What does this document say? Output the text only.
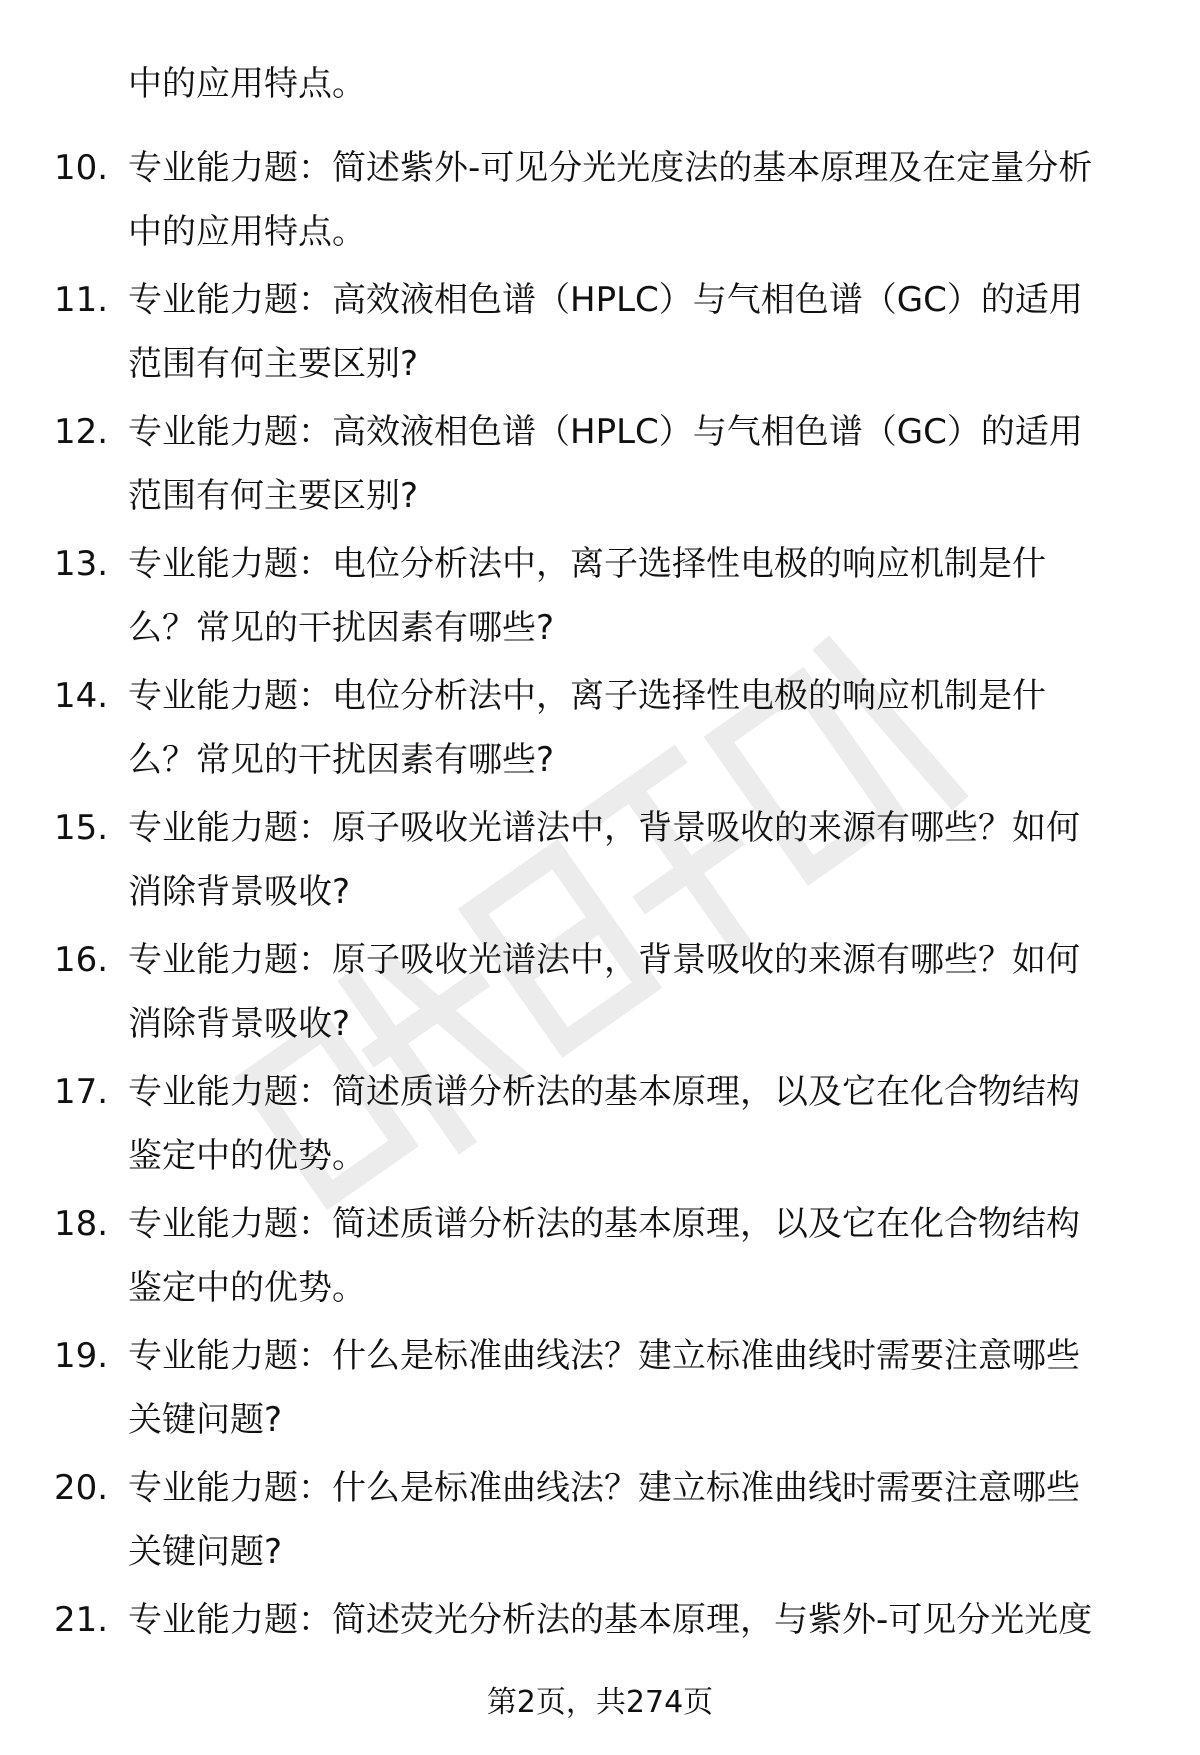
中的应用特点。
10. 专业能力题：简述紫外-可见分光光度法的基本原理及在定量分析
中的应用特点。
11. 专业能力题：高效液相色谱（HPLC）与气相色谱（GC）的适用
范围有何主要区别?
12. 专业能力题：高效液相色谱（HPLC）与气相色谱（GC）的适用
范围有何主要区别?
13. 专业能力题：电位分析法中，离子选择性电极的响应机制是什
么？常见的干扰因素有哪些?
14. 专业能力题：电位分析法中，离子选择性电极的响应机制是什
么？常见的干扰因素有哪些?
15. 专业能力题：原子吸收光谱法中，背景吸收的来源有哪些？如何
消除背景吸收?
16. 专业能力题：原子吸收光谱法中，背景吸收的来源有哪些？如何
消除背景吸收?
17. 专业能力题：简述质谱分析法的基本原理，以及它在化合物结构
鉴定中的优势。
18. 专业能力题：简述质谱分析法的基本原理，以及它在化合物结构
鉴定中的优势。
19. 专业能力题：什么是标准曲线法？建立标准曲线时需要注意哪些
关键问题?
20. 专业能力题：什么是标准曲线法？建立标准曲线时需要注意哪些
关键问题?
21. 专业能力题：简述荧光分析法的基本原理，与紫外-可见分光光度
第2页，共274页
